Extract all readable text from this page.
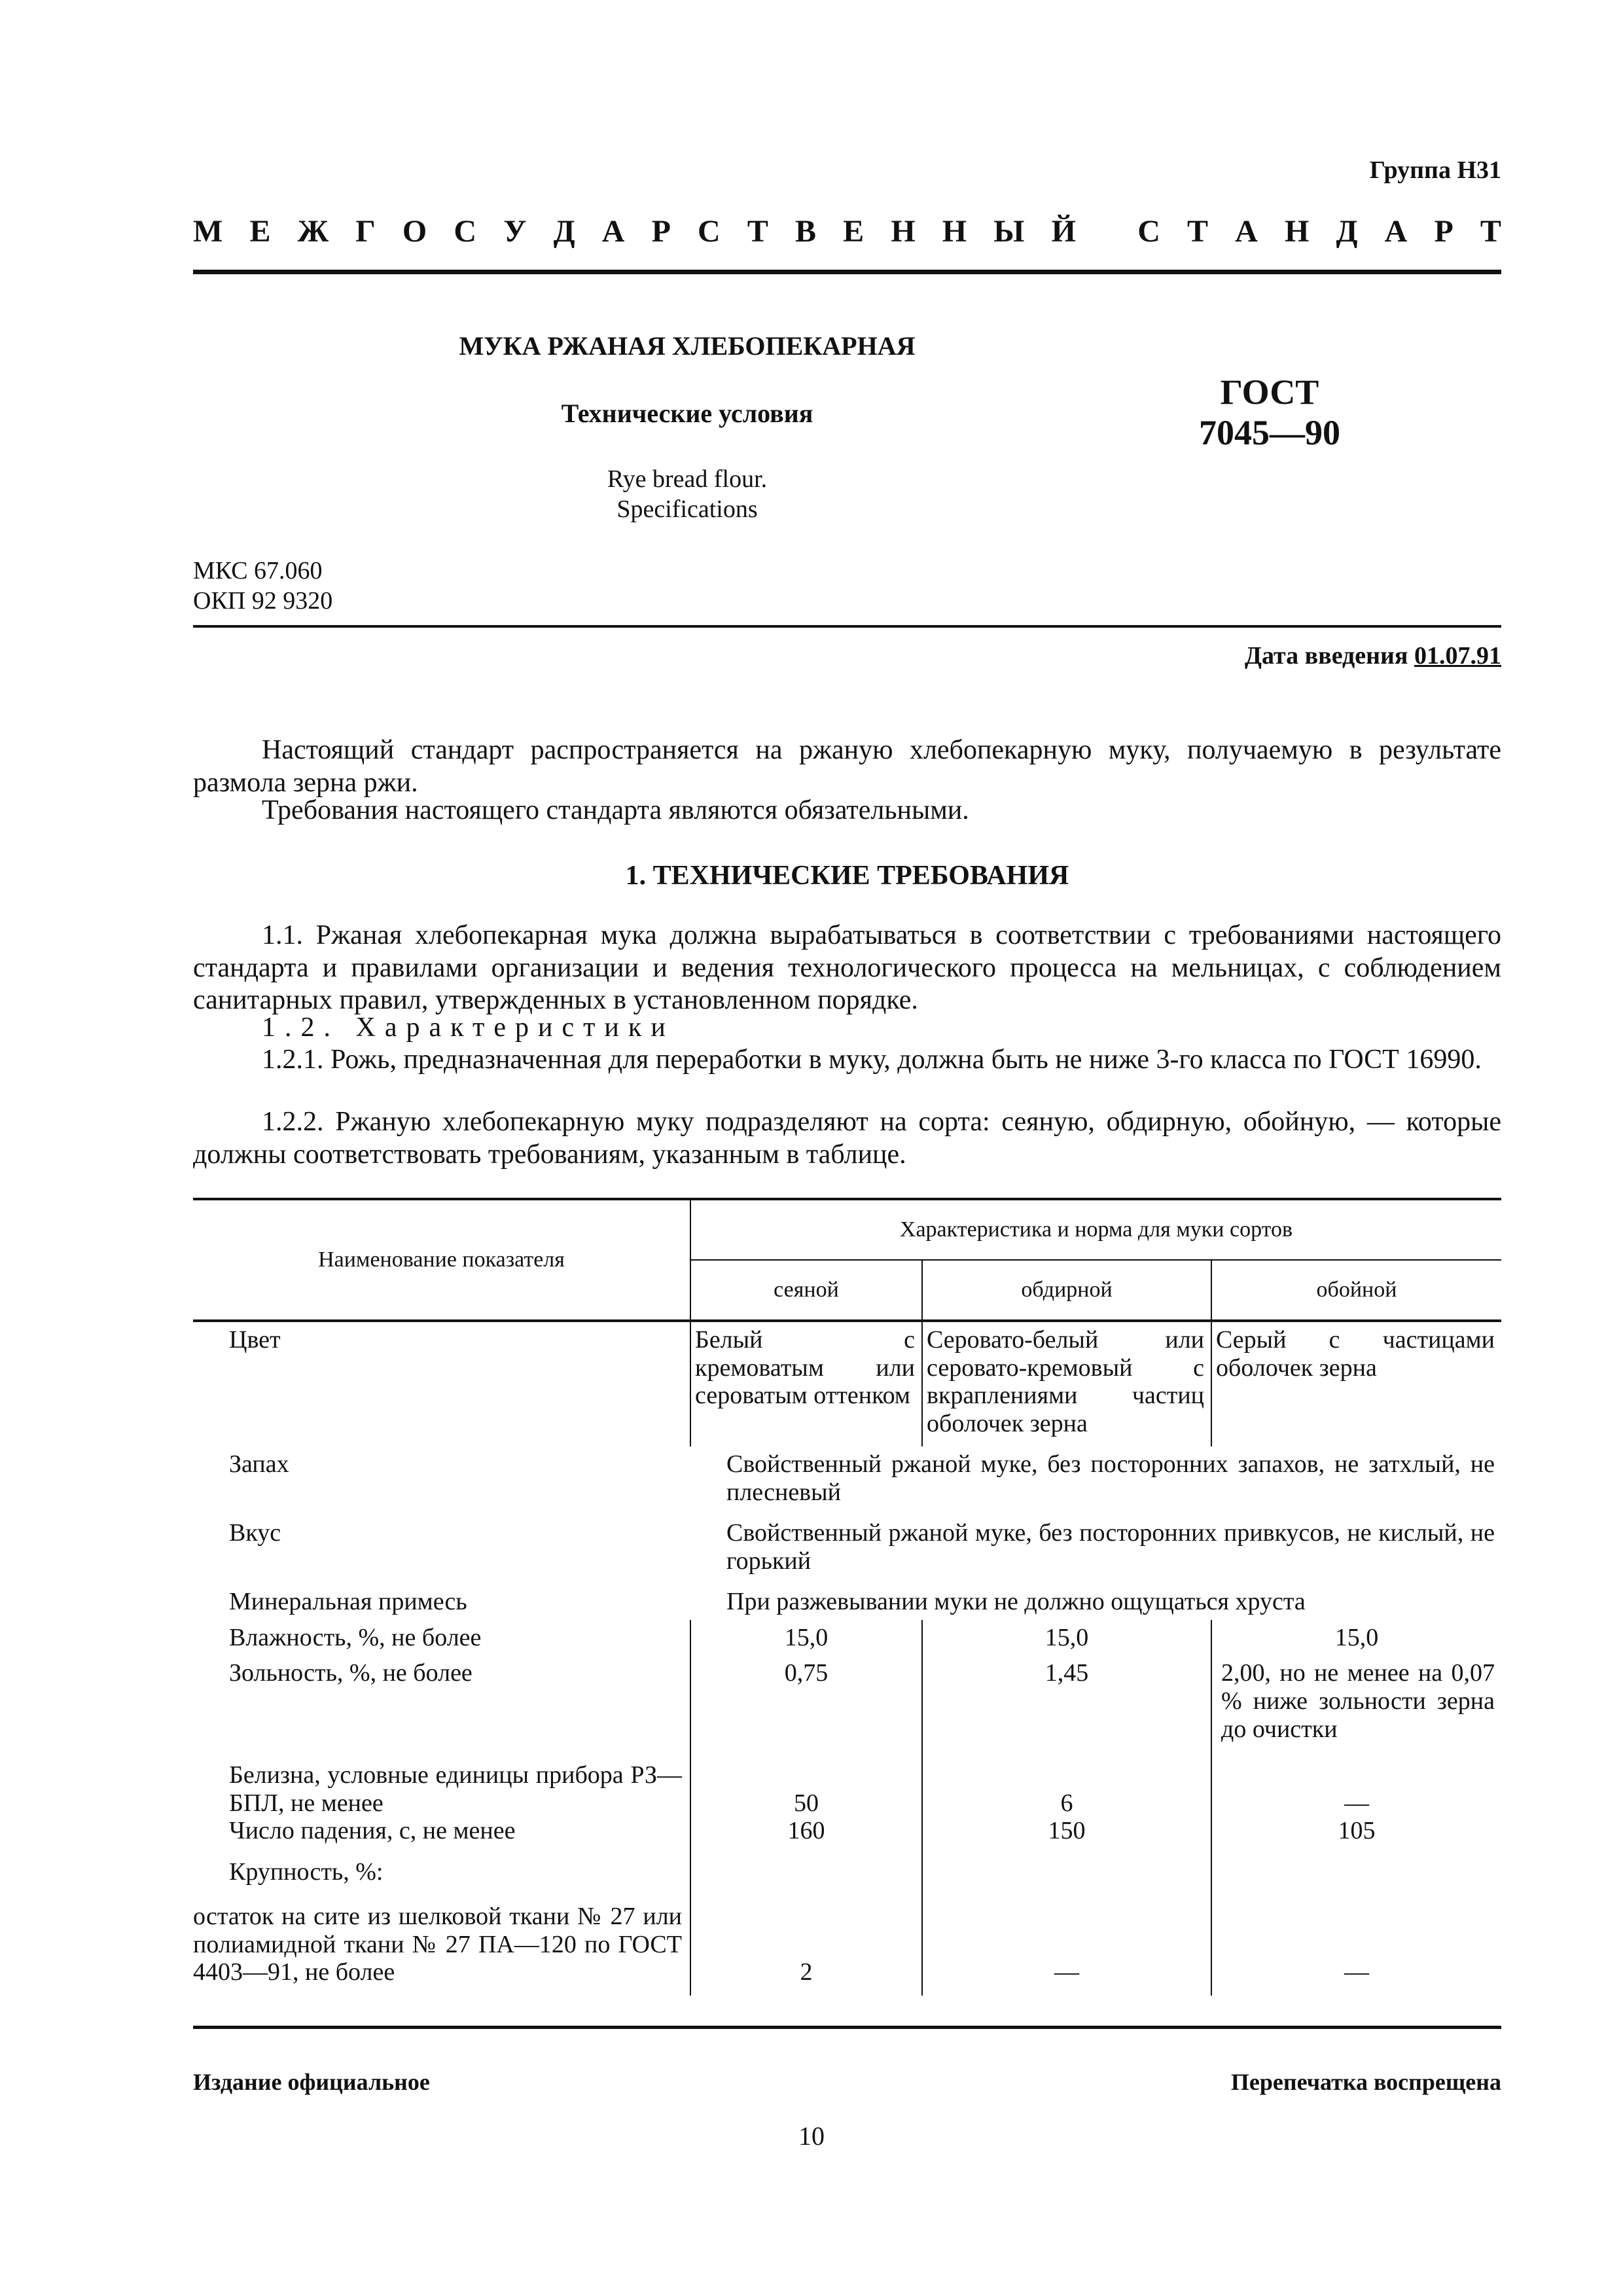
Группа Н31
М Е Ж Г О С У Д А Р С Т В Е Н Н Ы Й
С Т А Н Д А Р Т
МУКА РЖАНАЯ ХЛЕБОПЕКАРНАЯ
Технические условия
Rye bread flour.
Specifications
ГОСТ
7045—90
МКС 67.060
ОКП 92 9320
Дата введения 01.07.91
Настоящий стандарт распространяется на ржаную хлебопекарную муку, получаемую в результате размола зерна ржи.
Требования настоящего стандарта являются обязательными.
1. ТЕХНИЧЕСКИЕ ТРЕБОВАНИЯ
1.1. Ржаная хлебопекарная мука должна вырабатываться в соответствии с требованиями настоящего стандарта и правилами организации и ведения технологического процесса на мельницах, с соблюдением санитарных правил, утвержденных в установленном порядке.
1.2. Характеристики
1.2.1. Рожь, предназначенная для переработки в муку, должна быть не ниже 3-го класса по ГОСТ 16990.
1.2.2. Ржаную хлебопекарную муку подразделяют на сорта: сеяную, обдирную, обойную, — которые должны соответствовать требованиям, указанным в таблице.
Наименование показателя	Характеристика и норма для муки сортов		
	сеяной	обдирной	обойной
Цвет	Белый с кремоватым или сероватым оттенком	Серовато-белый или серовато-кремовый с вкраплениями частиц оболочек зерна	Серый с частицами оболочек зерна
Запах	Свойственный ржаной муке, без посторонних запахов, не затхлый, не плесневый		
Вкус	Свойственный ржаной муке, без посторонних привкусов, не кислый, не горький		
Минеральная примесь	При разжевывании муки не должно ощущаться хруста		
Влажность, %, не более	15,0	15,0	15,0
Зольность, %, не более	0,75	1,45	2,00, но не менее на 0,07 % ниже зольности зерна до очистки
Белизна, условные единицы прибора РЗ—БПЛ, не менее	50	6	—
Число падения, с, не менее	160	150	105
Крупность, %:			
остаток на сите из шелковой ткани № 27 или полиамидной ткани № 27 ПА—120 по ГОСТ 4403—91, не более	2	—	—
Издание официальное	Перепечатка воспрещена
10
